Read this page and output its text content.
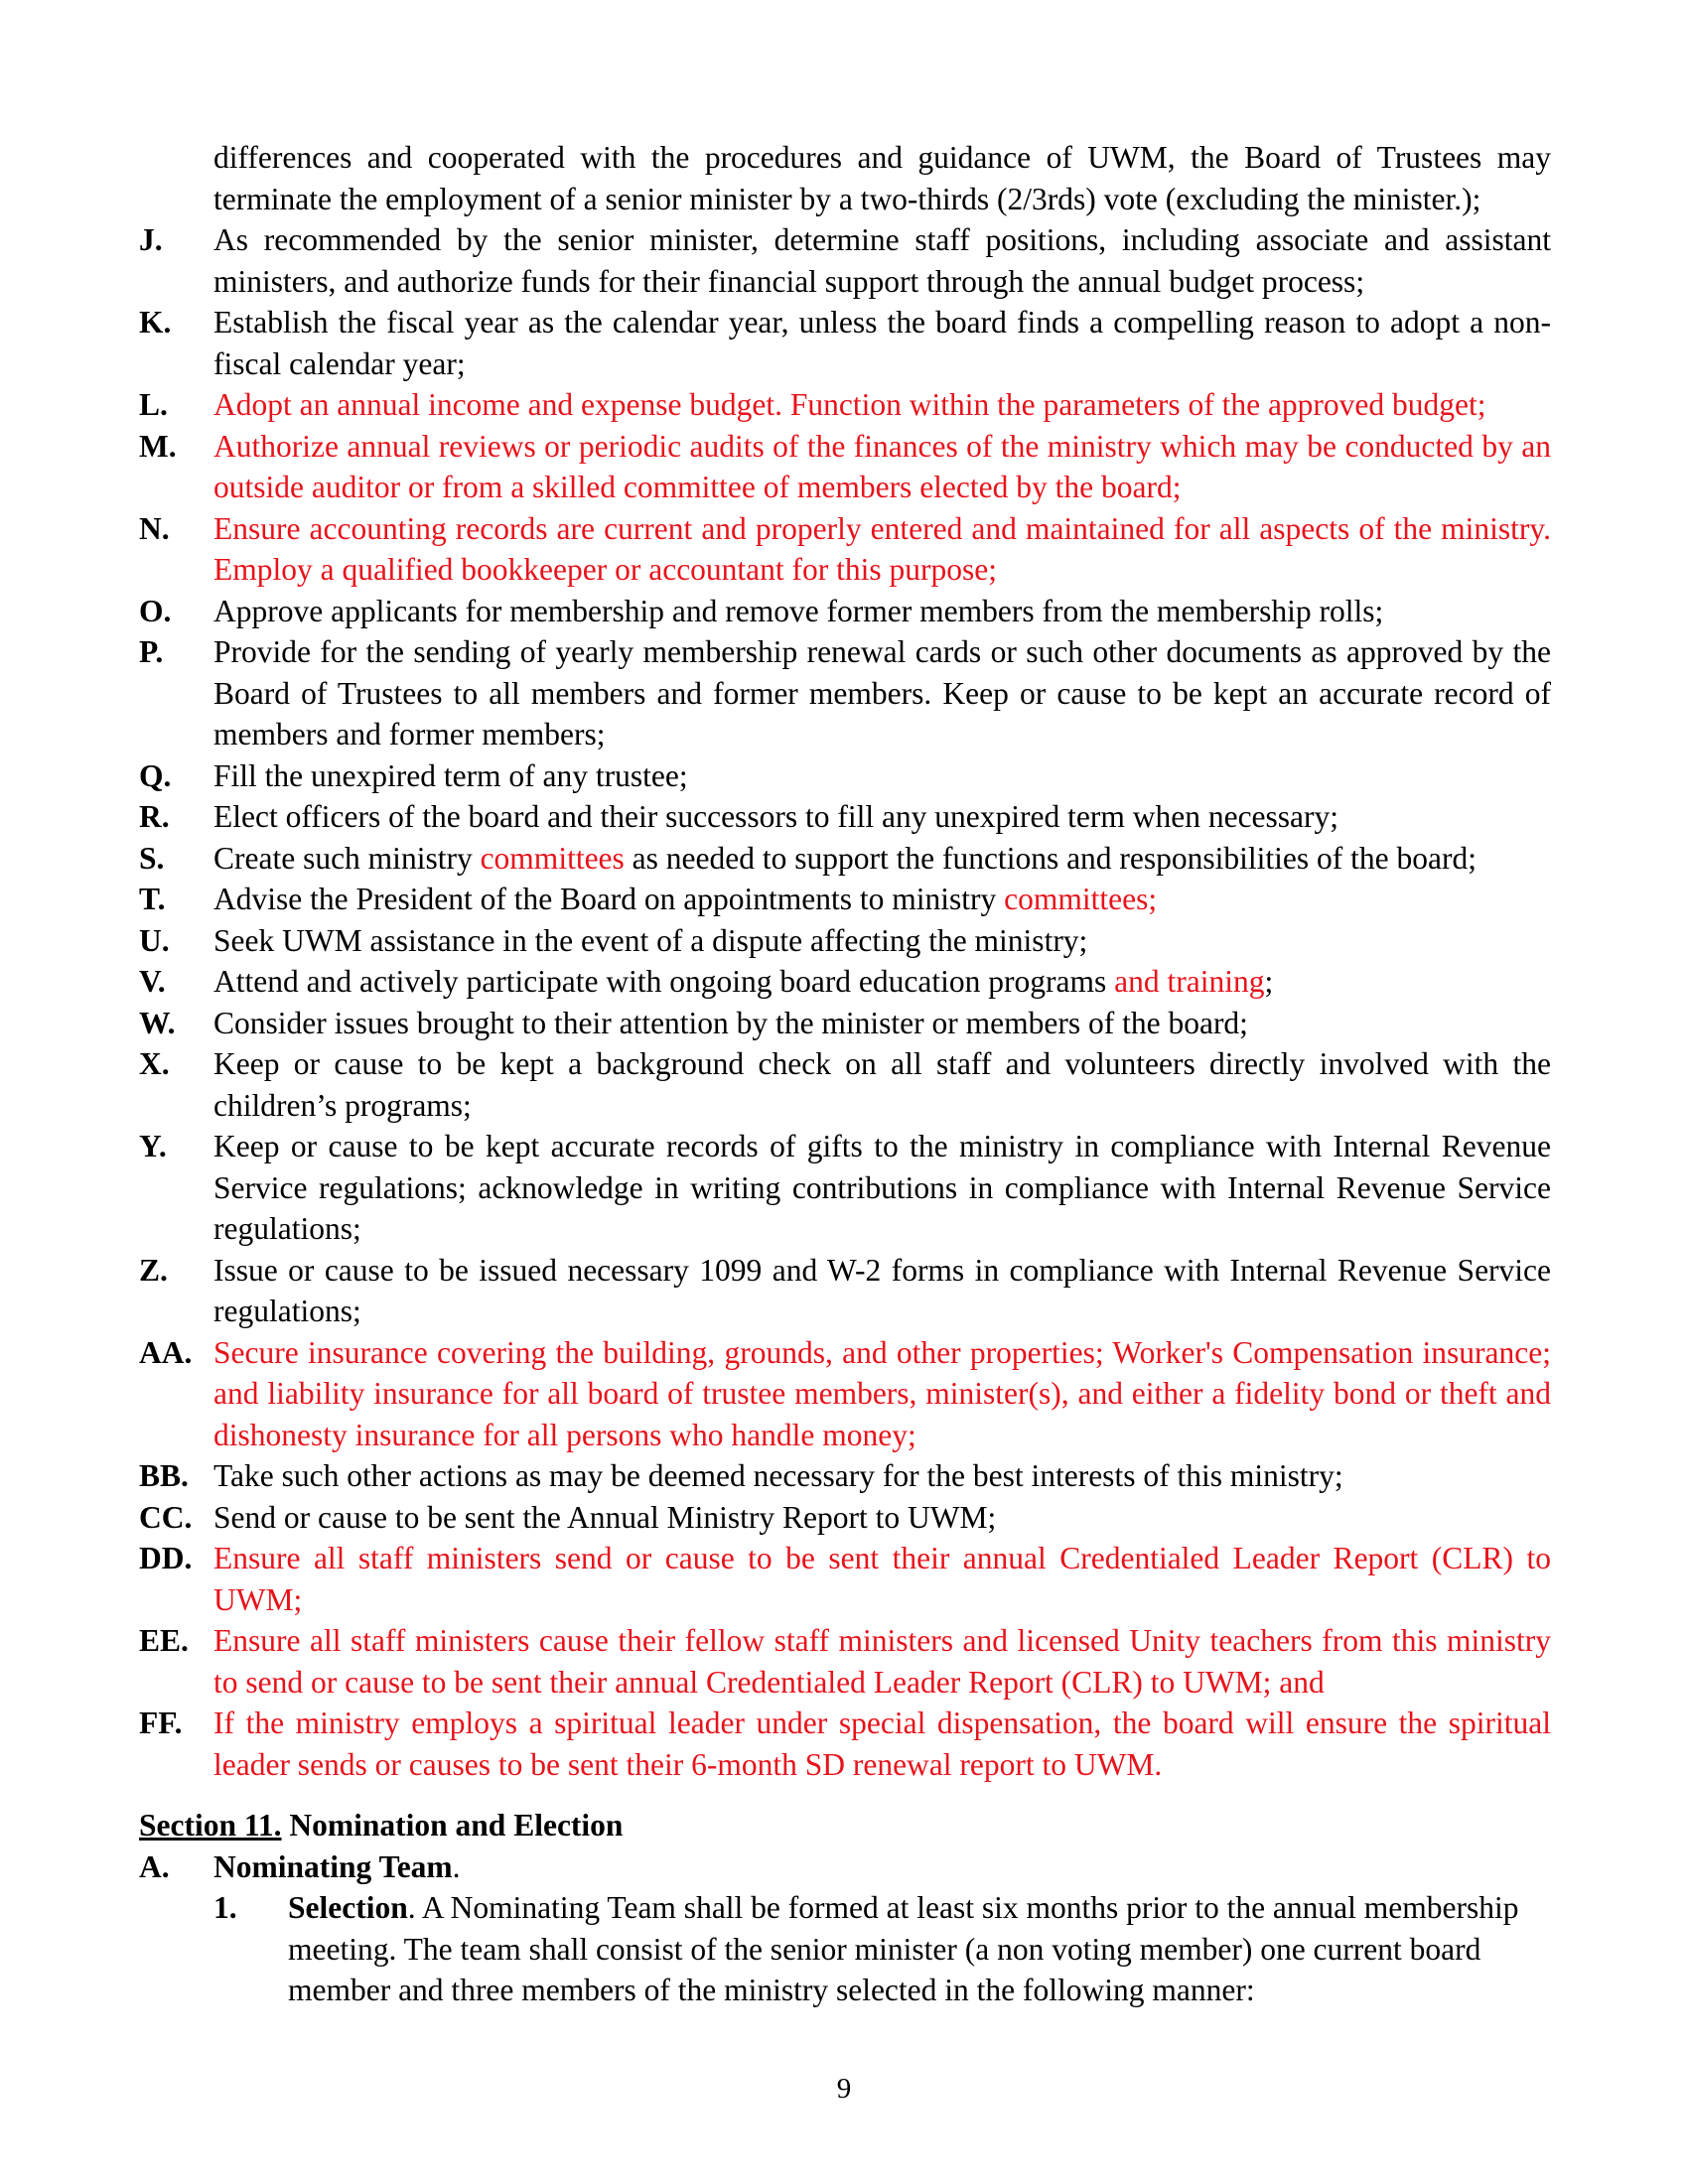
differences and cooperated with the procedures and guidance of UWM, the Board of Trustees may terminate the employment of a senior minister by a two-thirds (2/3rds) vote (excluding the minister.);
J.	As recommended by the senior minister, determine staff positions, including associate and assistant ministers, and authorize funds for their financial support through the annual budget process;
K.	Establish the fiscal year as the calendar year, unless the board finds a compelling reason to adopt a non-fiscal calendar year;
L.	Adopt an annual income and expense budget. Function within the parameters of the approved budget;
M.	Authorize annual reviews or periodic audits of the finances of the ministry which may be conducted by an outside auditor or from a skilled committee of members elected by the board;
N.	Ensure accounting records are current and properly entered and maintained for all aspects of the ministry. Employ a qualified bookkeeper or accountant for this purpose;
O.	Approve applicants for membership and remove former members from the membership rolls;
P.	Provide for the sending of yearly membership renewal cards or such other documents as approved by the Board of Trustees to all members and former members. Keep or cause to be kept an accurate record of members and former members;
Q.	Fill the unexpired term of any trustee;
R.	Elect officers of the board and their successors to fill any unexpired term when necessary;
S.	Create such ministry committees as needed to support the functions and responsibilities of the board;
T.	Advise the President of the Board on appointments to ministry committees;
U.	Seek UWM assistance in the event of a dispute affecting the ministry;
V.	Attend and actively participate with ongoing board education programs and training;
W.	Consider issues brought to their attention by the minister or members of the board;
X.	Keep or cause to be kept a background check on all staff and volunteers directly involved with the children’s programs;
Y.	Keep or cause to be kept accurate records of gifts to the ministry in compliance with Internal Revenue Service regulations; acknowledge in writing contributions in compliance with Internal Revenue Service regulations;
Z.	Issue or cause to be issued necessary 1099 and W-2 forms in compliance with Internal Revenue Service regulations;
AA. Secure insurance covering the building, grounds, and other properties; Worker's Compensation insurance; and liability insurance for all board of trustee members, minister(s), and either a fidelity bond or theft and dishonesty insurance for all persons who handle money;
BB. Take such other actions as may be deemed necessary for the best interests of this ministry;
CC. Send or cause to be sent the Annual Ministry Report to UWM;
DD. Ensure all staff ministers send or cause to be sent their annual Credentialed Leader Report (CLR) to UWM;
EE. Ensure all staff ministers cause their fellow staff ministers and licensed Unity teachers from this ministry to send or cause to be sent their annual Credentialed Leader Report (CLR) to UWM; and
FF.	If the ministry employs a spiritual leader under special dispensation, the board will ensure the spiritual leader sends or causes to be sent their 6-month SD renewal report to UWM.
Section 11. Nomination and Election
A.	Nominating Team.
1.	Selection. A Nominating Team shall be formed at least six months prior to the annual membership meeting. The team shall consist of the senior minister (a non voting member) one current board member and three members of the ministry selected in the following manner:
9
